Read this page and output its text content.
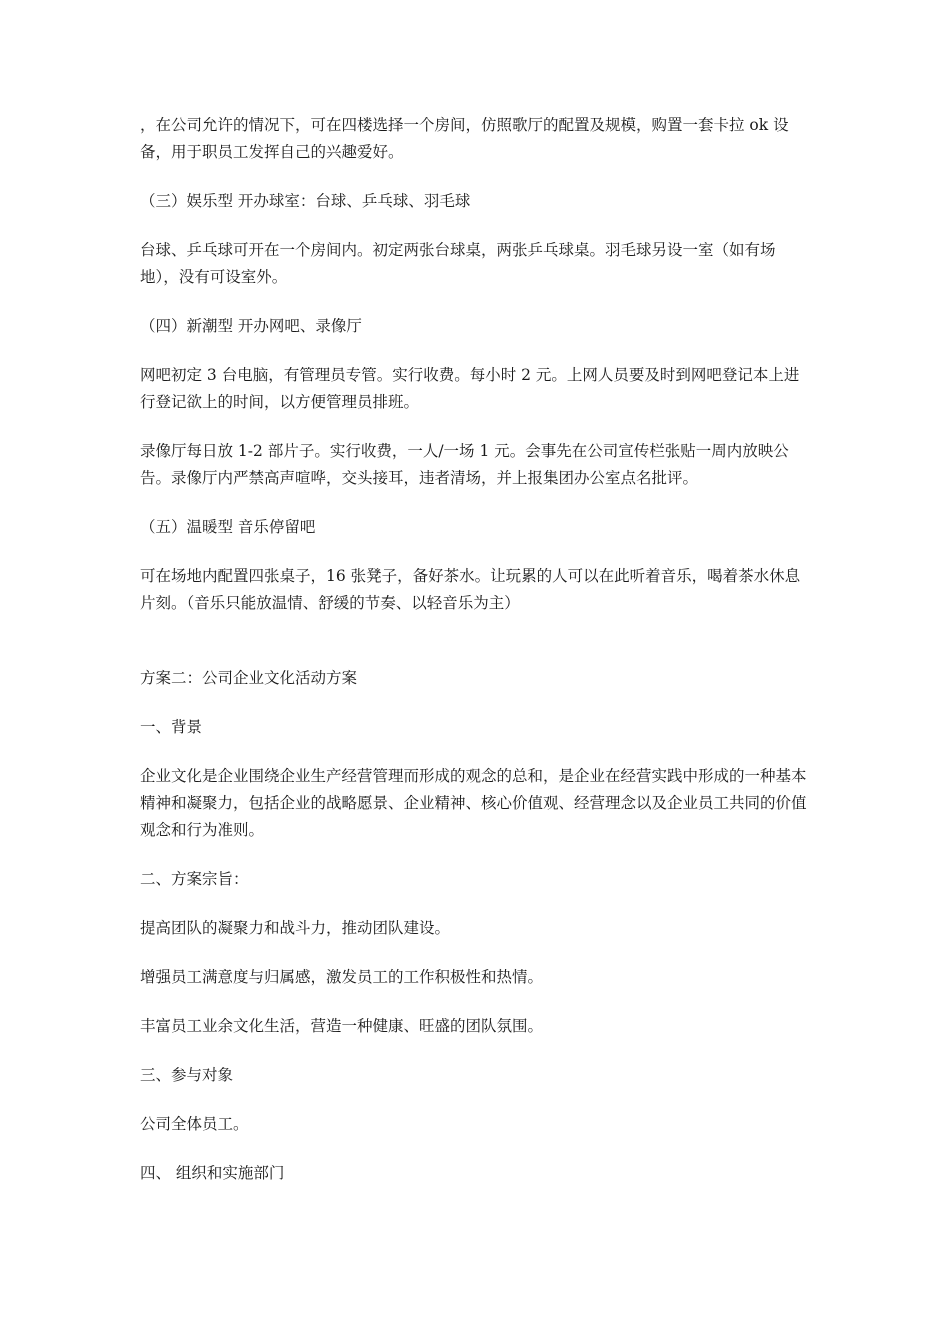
，在公司允许的情况下，可在四楼选择一个房间，仿照歌厅的配置及规模，购置一套卡拉 ok 设备，用于职员工发挥自己的兴趣爱好。

（三）娱乐型 开办球室：台球、乒乓球、羽毛球

台球、乒乓球可开在一个房间内。初定两张台球桌，两张乒乓球桌。羽毛球另设一室（如有场地），没有可设室外。

（四）新潮型 开办网吧、录像厅

网吧初定 3 台电脑，有管理员专管。实行收费。每小时 2 元。上网人员要及时到网吧登记本上进行登记欲上的时间，以方便管理员排班。

录像厅每日放 1-2 部片子。实行收费，一人/一场 1 元。会事先在公司宣传栏张贴一周内放映公告。录像厅内严禁高声喧哗，交头接耳，违者清场，并上报集团办公室点名批评。

（五）温暖型 音乐停留吧

可在场地内配置四张桌子，16 张凳子，备好茶水。让玩累的人可以在此听着音乐，喝着茶水休息片刻。（音乐只能放温情、舒缓的节奏、以轻音乐为主）

方案二：公司企业文化活动方案

一、背景

企业文化是企业围绕企业生产经营管理而形成的观念的总和，是企业在经营实践中形成的一种基本精神和凝聚力，包括企业的战略愿景、企业精神、核心价值观、经营理念以及企业员工共同的价值观念和行为准则。

二、方案宗旨：

提高团队的凝聚力和战斗力，推动团队建设。

增强员工满意度与归属感，激发员工的工作积极性和热情。

丰富员工业余文化生活，营造一种健康、旺盛的团队氛围。

三、参与对象

公司全体员工。

四、 组织和实施部门
